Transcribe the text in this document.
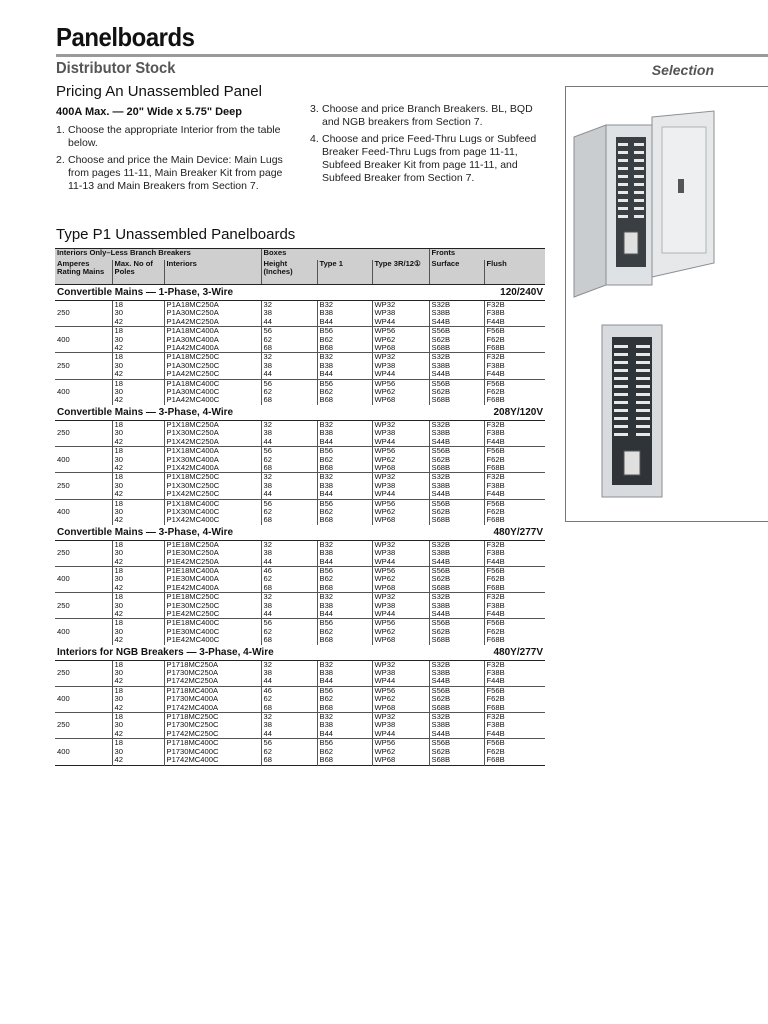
Panelboards
Distributor Stock	Selection
Pricing An Unassembled Panel
400A Max. — 20" Wide x 5.75" Deep
1. Choose the appropriate Interior from the table below.
2. Choose and price the Main Device: Main Lugs from pages 11-11, Main Breaker Kit from page 11-13 and Main Breakers from Section 7.
3. Choose and price Branch Breakers. BL, BQD and NGB breakers from Section 7.
4. Choose and price Feed-Thru Lugs or Subfeed Breaker Feed-Thru Lugs from page 11-11, Subfeed Breaker Kit from page 11-11, and Subfeed Breaker from Section 7.
Type P1 Unassembled Panelboards
Interiors Only–Less Branch Breakers			Boxes			Fronts	
Amperes Rating Mains	Max. No of Poles	Interiors	Height (Inches)	Type 1	Type 3R/12①	Surface	Flush
Convertible Mains — 1-Phase, 3-Wire						120/240V	
250	18	P1A18MC250A	32	B32	WP32	S32B	F32B
	30	P1A30MC250A	38	B38	WP38	S38B	F38B
	42	P1A42MC250A	44	B44	WP44	S44B	F44B
400	18	P1A18MC400A	56	B56	WP56	S56B	F56B
	30	P1A30MC400A	62	B62	WP62	S62B	F62B
	42	P1A42MC400A	68	B68	WP68	S68B	F68B
250	18	P1A18MC250C	32	B32	WP32	S32B	F32B
	30	P1A30MC250C	38	B38	WP38	S38B	F38B
	42	P1A42MC250C	44	B44	WP44	S44B	F44B
400	18	P1A18MC400C	56	B56	WP56	S56B	F56B
	30	P1A30MC400C	62	B62	WP62	S62B	F62B
	42	P1A42MC400C	68	B68	WP68	S68B	F68B
Convertible Mains — 3-Phase, 4-Wire						208Y/120V	
250	18	P1X18MC250A	32	B32	WP32	S32B	F32B
	30	P1X30MC250A	38	B38	WP38	S38B	F38B
	42	P1X42MC250A	44	B44	WP44	S44B	F44B
400	18	P1X18MC400A	56	B56	WP56	S56B	F56B
	30	P1X30MC400A	62	B62	WP62	S62B	F62B
	42	P1X42MC400A	68	B68	WP68	S68B	F68B
250	18	P1X18MC250C	32	B32	WP32	S32B	F32B
	30	P1X30MC250C	38	B38	WP38	S38B	F38B
	42	P1X42MC250C	44	B44	WP44	S44B	F44B
400	18	P1X18MC400C	56	B56	WP56	S56B	F56B
	30	P1X30MC400C	62	B62	WP62	S62B	F62B
	42	P1X42MC400C	68	B68	WP68	S68B	F68B
Convertible Mains — 3-Phase, 4-Wire						480Y/277V	
250	18	P1E18MC250A	32	B32	WP32	S32B	F32B
	30	P1E30MC250A	38	B38	WP38	S38B	F38B
	42	P1E42MC250A	44	B44	WP44	S44B	F44B
400	18	P1E18MC400A	46	B56	WP56	S56B	F56B
	30	P1E30MC400A	62	B62	WP62	S62B	F62B
	42	P1E42MC400A	68	B68	WP68	S68B	F68B
250	18	P1E18MC250C	32	B32	WP32	S32B	F32B
	30	P1E30MC250C	38	B38	WP38	S38B	F38B
	42	P1E42MC250C	44	B44	WP44	S44B	F44B
400	18	P1E18MC400C	56	B56	WP56	S56B	F56B
	30	P1E30MC400C	62	B62	WP62	S62B	F62B
	42	P1E42MC400C	68	B68	WP68	S68B	F68B
Interiors for NGB Breakers — 3-Phase, 4-Wire						480Y/277V	
250	18	P1718MC250A	32	B32	WP32	S32B	F32B
	30	P1730MC250A	38	B38	WP38	S38B	F38B
	42	P1742MC250A	44	B44	WP44	S44B	F44B
400	18	P1718MC400A	46	B56	WP56	S56B	F56B
	30	P1730MC400A	62	B62	WP62	S62B	F62B
	42	P1742MC400A	68	B68	WP68	S68B	F68B
250	18	P1718MC250C	32	B32	WP32	S32B	F32B
	30	P1730MC250C	38	B38	WP38	S38B	F38B
	42	P1742MC250C	44	B44	WP44	S44B	F44B
400	18	P1718MC400C	56	B56	WP56	S56B	F56B
	30	P1730MC400C	62	B62	WP62	S62B	F62B
	42	P1742MC400C	68	B68	WP68	S68B	F68B
